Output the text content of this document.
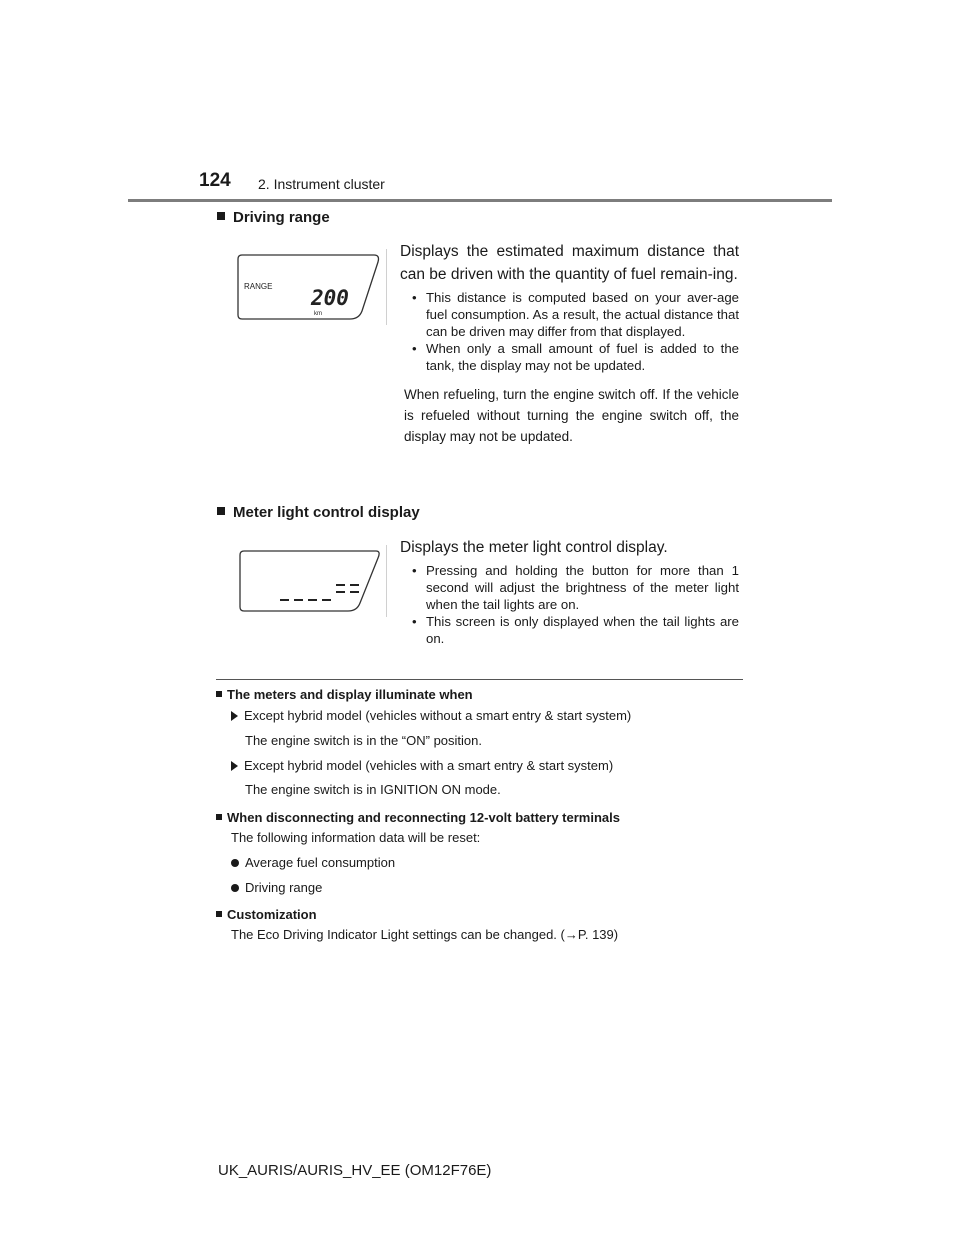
124 2. Instrument cluster
Driving range
RANGE 200
km
Displays the estimated maximum distance that can be driven with the quantity of fuel remain-ing.
• This distance is computed based on your aver-age fuel consumption. As a result, the actual distance that can be driven may differ from that displayed.
• When only a small amount of fuel is added to the tank, the display may not be updated.
When refueling, turn the engine switch off. If the vehicle is refueled without turning the engine switch off, the display may not be updated.
Meter light control display
Displays the meter light control display.
• Pressing and holding the button for more than 1 second will adjust the brightness of the meter light when the tail lights are on.
• This screen is only displayed when the tail lights are on.
The meters and display illuminate when
Except hybrid model (vehicles without a smart entry & start system)
The engine switch is in the “ON” position.
Except hybrid model (vehicles with a smart entry & start system)
The engine switch is in IGNITION ON mode.
When disconnecting and reconnecting 12-volt battery terminals
The following information data will be reset:
Average fuel consumption
Driving range
Customization
The Eco Driving Indicator Light settings can be changed. (→P. 139)
UK_AURIS/AURIS_HV_EE (OM12F76E)
